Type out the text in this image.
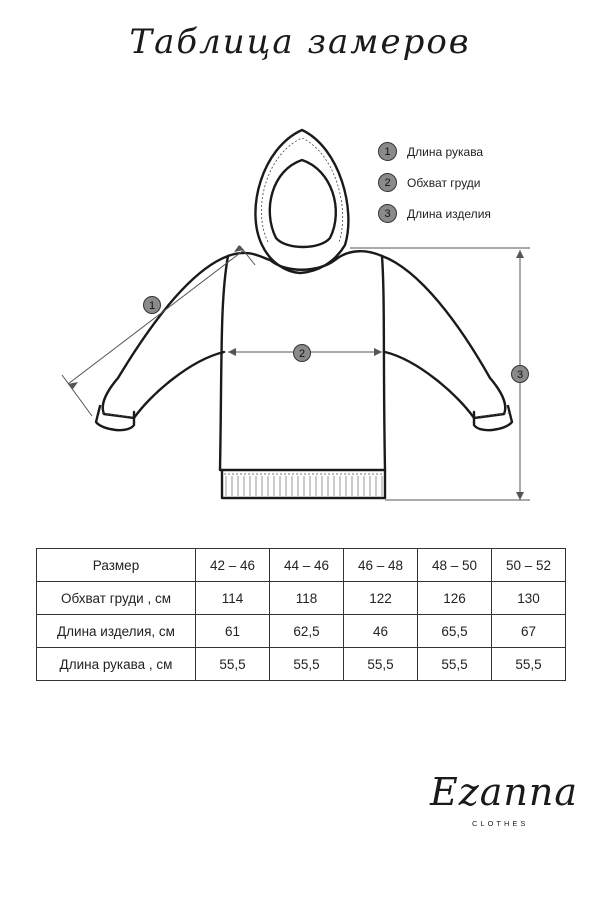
Таблица замеров
1
2
3
1	Длина рукава
2	Обхват груди
3	Длина изделия
Размер	42 – 46	44 – 46	46 – 48	48 – 50	50 – 52
Обхват груди , см	114	118	122	126	130
Длина изделия, см	61	62,5	46	65,5	67
Длина рукава , см	55,5	55,5	55,5	55,5	55,5
Ezanna
CLOTHES
